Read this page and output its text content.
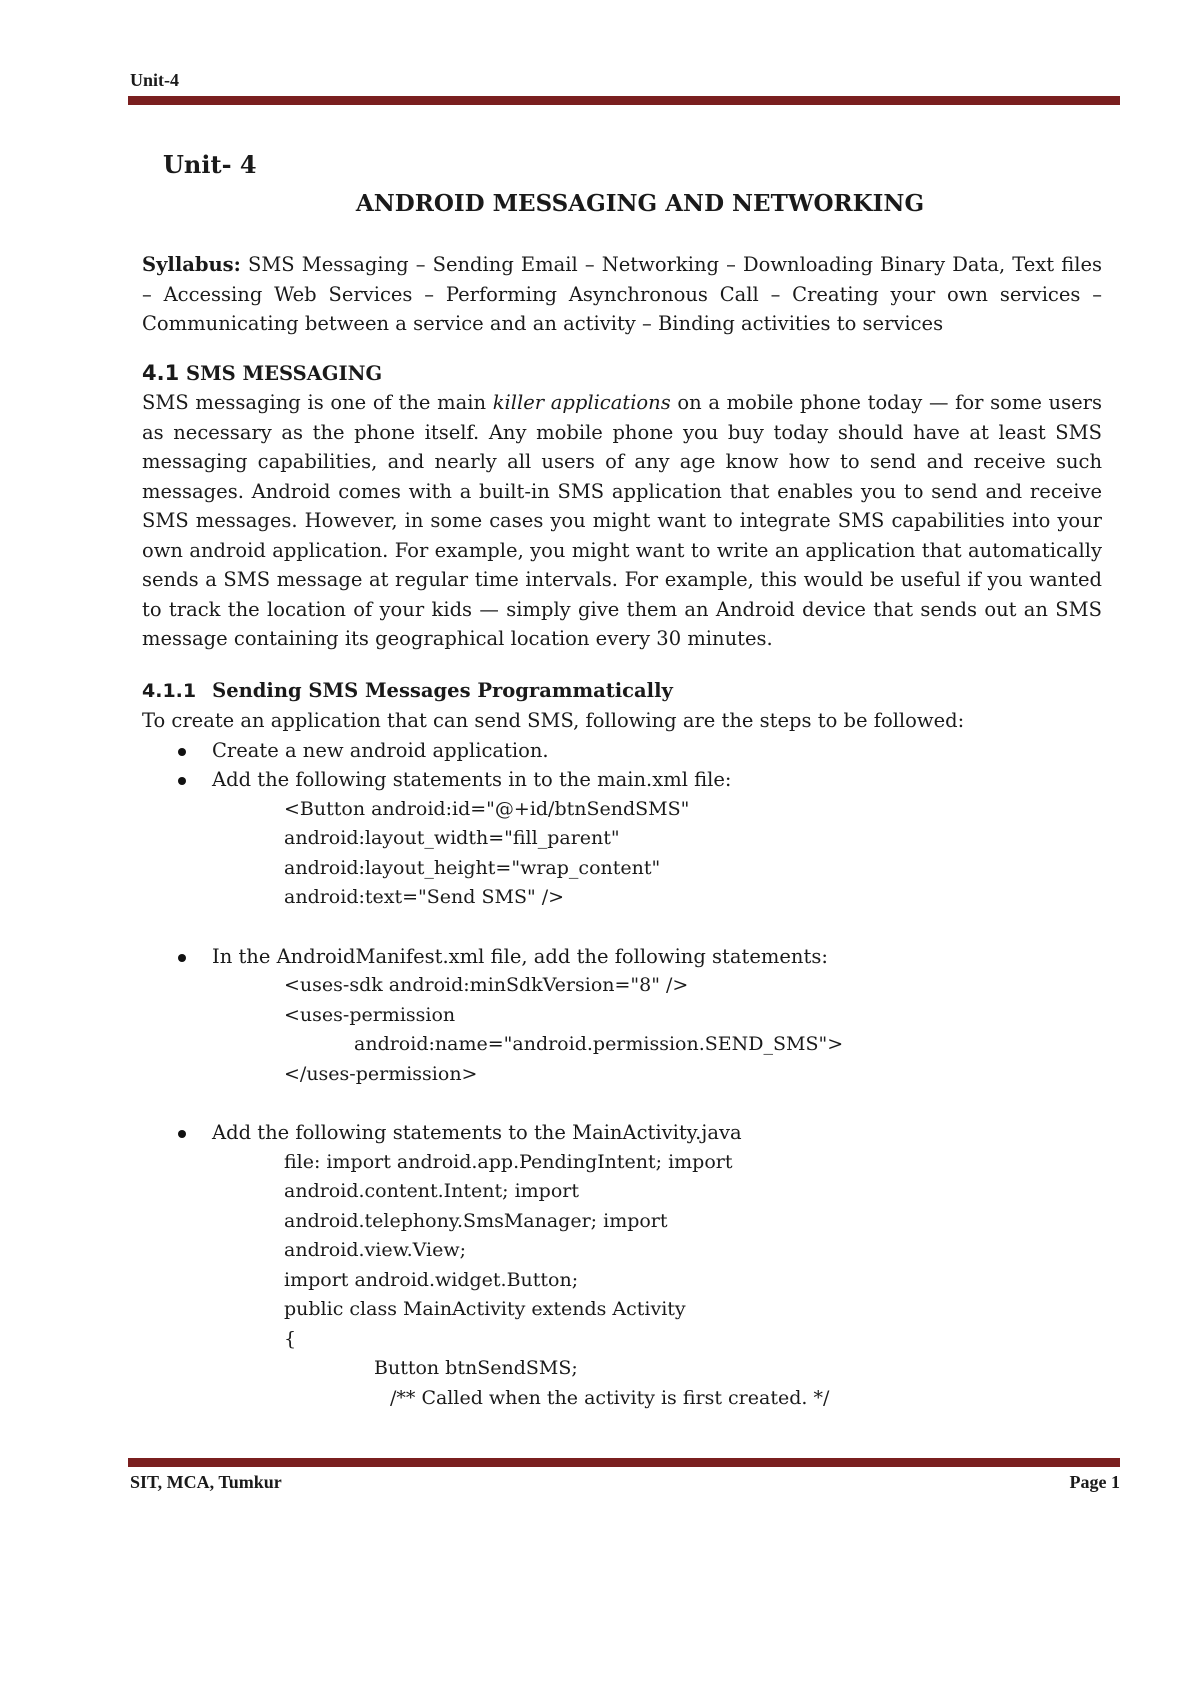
Unit-4
Unit- 4
ANDROID MESSAGING AND NETWORKING

Syllabus: SMS Messaging – Sending Email – Networking – Downloading Binary Data, Text files – Accessing Web Services – Performing Asynchronous Call – Creating your own services – Communicating between a service and an activity – Binding activities to services

4.1 SMS MESSAGING

SMS messaging is one of the main killer applications on a mobile phone today — for some users as necessary as the phone itself. Any mobile phone you buy today should have at least SMS messaging capabilities, and nearly all users of any age know how to send and receive such messages. Android comes with a built-in SMS application that enables you to send and receive SMS messages. However, in some cases you might want to integrate SMS capabilities into your own android application. For example, you might want to write an application that automatically sends a SMS message at regular time intervals. For example, this would be useful if you wanted to track the location of your kids — simply give them an Android device that sends out an SMS message containing its geographical location every 30 minutes.

4.1.1 Sending SMS Messages Programmatically

To create an application that can send SMS, following are the steps to be followed:

Create a new android application.
Add the following statements in to the main.xml file:
<Button android:id="@+id/btnSendSMS"
android:layout_width="fill_parent"
android:layout_height="wrap_content"
android:text="Send SMS" />
In the AndroidManifest.xml file, add the following statements:
<uses-sdk android:minSdkVersion="8" />
<uses-permission
android:name="android.permission.SEND_SMS">
</uses-permission>
Add the following statements to the MainActivity.java
file: import android.app.PendingIntent; import
android.content.Intent; import
android.telephony.SmsManager; import
android.view.View;
import android.widget.Button;
public class MainActivity extends Activity
{
Button btnSendSMS;
/** Called when the activity is first created. */
SIT, MCA, Tumkur	Page 1
